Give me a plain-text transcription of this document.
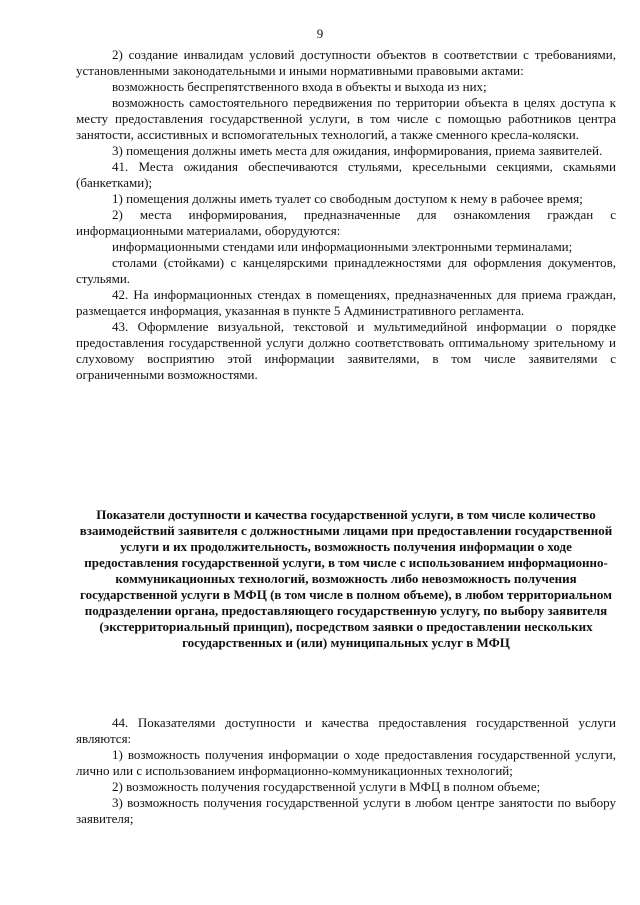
9

2) создание инвалидам условий доступности объектов в соответствии с требованиями, установленными законодательными и иными нормативными правовыми актами:

возможность беспрепятственного входа в объекты и выхода из них;

возможность самостоятельного передвижения по территории объекта в целях доступа к месту предоставления государственной услуги, в том числе с помощью работников центра занятости, ассистивных и вспомогательных технологий, а также сменного кресла-коляски.

3) помещения должны иметь места для ожидания, информирования, приема заявителей.

41. Места ожидания обеспечиваются стульями, кресельными секциями, скамьями (банкетками);

1) помещения должны иметь туалет со свободным доступом к нему в рабочее время;

2) места информирования, предназначенные для ознакомления граждан с информационными материалами, оборудуются:

информационными стендами или информационными электронными терминалами;

столами (стойками) с канцелярскими принадлежностями для оформления документов, стульями.

42. На информационных стендах в помещениях, предназначенных для приема граждан, размещается информация, указанная в пункте 5 Административного регламента.

43. Оформление визуальной, текстовой и мультимедийной информации о порядке предоставления государственной услуги должно соответствовать оптимальному зрительному и слуховому восприятию этой информации заявителями, в том числе заявителями с ограниченными возможностями.

Показатели доступности и качества государственной услуги, в том числе количество взаимодействий заявителя с должностными лицами при предоставлении государственной услуги и их продолжительность, возможность получения информации о ходе предоставления государственной услуги, в том числе с использованием информационно-коммуникационных технологий, возможность либо невозможность получения государственной услуги в МФЦ (в том числе в полном объеме), в любом территориальном подразделении органа, предоставляющего государственную услугу, по выбору заявителя (экстерриториальный принцип), посредством заявки о предоставлении нескольких государственных и (или) муниципальных услуг в МФЦ

44. Показателями доступности и качества предоставления государственной услуги являются:

1) возможность получения информации о ходе предоставления государственной услуги, лично или с использованием информационно-коммуникационных технологий;

2) возможность получения государственной услуги в МФЦ в полном объеме;

3) возможность получения государственной услуги в любом центре занятости по выбору заявителя;
